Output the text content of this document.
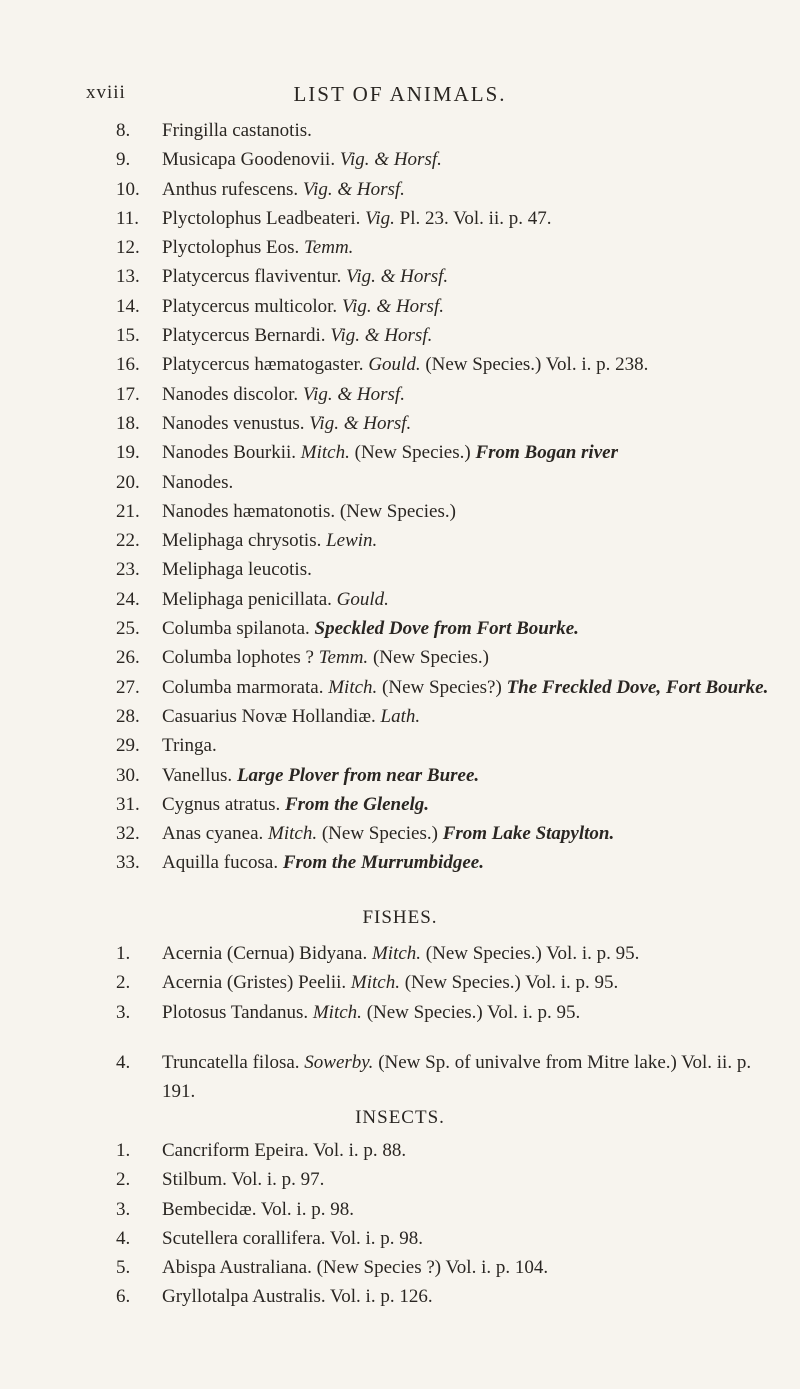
xviii	LIST OF ANIMALS.
8. Fringilla castanotis.
9. Musicapa Goodenovii. Vig. & Horsf.
10. Anthus rufescens. Vig. & Horsf.
11. Plyctolophus Leadbeateri. Vig. Pl. 23. Vol. ii. p. 47.
12. Plyctolophus Eos. Temm.
13. Platycercus flaviventur. Vig. & Horsf.
14. Platycercus multicolor. Vig. & Horsf.
15. Platycercus Bernardi. Vig. & Horsf.
16. Platycercus hæmatogaster. Gould. (New Species.) Vol. i. p. 238.
17. Nanodes discolor. Vig. & Horsf.
18. Nanodes venustus. Vig. & Horsf.
19. Nanodes Bourkii. Mitch. (New Species.) From Bogan river
20. Nanodes.
21. Nanodes hæmatonotis. (New Species.)
22. Meliphaga chrysotis. Lewin.
23. Meliphaga leucotis.
24. Meliphaga penicillata. Gould.
25. Columba spilanota. Speckled Dove from Fort Bourke.
26. Columba lophotes ? Temm. (New Species.)
27. Columba marmorata. Mitch. (New Species?) The Freckled Dove, Fort Bourke.
28. Casuarius Novæ Hollandiæ. Lath.
29. Tringa.
30. Vanellus. Large Plover from near Buree.
31. Cygnus atratus. From the Glenelg.
32. Anas cyanea. Mitch. (New Species.) From Lake Stapylton.
33. Aquilla fucosa. From the Murrumbidgee.
FISHES.
1. Acernia (Cernua) Bidyana. Mitch. (New Species.) Vol. i. p. 95.
2. Acernia (Gristes) Peelii. Mitch. (New Species.) Vol. i. p. 95.
3. Plotosus Tandanus. Mitch. (New Species.) Vol. i. p. 95.
4. Truncatella filosa. Sowerby. (New Sp. of univalve from Mitre lake.) Vol. ii. p. 191.
INSECTS.
1. Cancriform Epeira. Vol. i. p. 88.
2. Stilbum. Vol. i. p. 97.
3. Bembecidæ. Vol. i. p. 98.
4. Scutellera corallifera. Vol. i. p. 98.
5. Abispa Australiana. (New Species ?) Vol. i. p. 104.
6. Gryllotalpa Australis. Vol. i. p. 126.
